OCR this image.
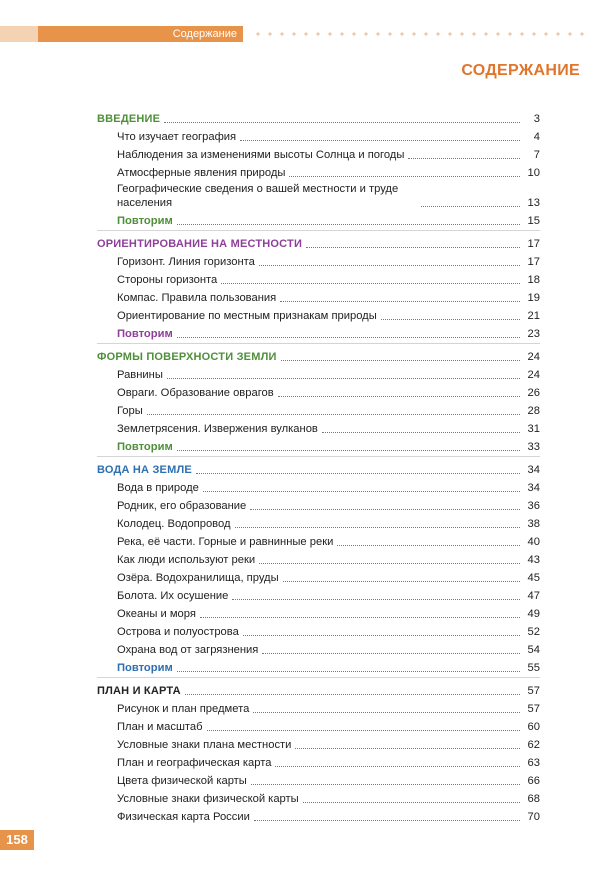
Содержание
СОДЕРЖАНИЕ
ВВЕДЕНИЕ	3
Что изучает география	4
Наблюдения за изменениями высоты Солнца и погоды	7
Атмосферные явления природы	10
Географические сведения о вашей местности и труде населения	13
Повторим	15
ОРИЕНТИРОВАНИЕ НА МЕСТНОСТИ	17
Горизонт. Линия горизонта	17
Стороны горизонта	18
Компас. Правила пользования	19
Ориентирование по местным признакам природы	21
Повторим	23
ФОРМЫ ПОВЕРХНОСТИ ЗЕМЛИ	24
Равнины	24
Овраги. Образование оврагов	26
Горы	28
Землетрясения. Извержения вулканов	31
Повторим	33
ВОДА НА ЗЕМЛЕ	34
Вода в природе	34
Родник, его образование	36
Колодец. Водопровод	38
Река, её части. Горные и равнинные реки	40
Как люди используют реки	43
Озёра. Водохранилища, пруды	45
Болота. Их осушение	47
Океаны и моря	49
Острова и полуострова	52
Охрана вод от загрязнения	54
Повторим	55
ПЛАН И КАРТА	57
Рисунок и план предмета	57
План и масштаб	60
Условные знаки плана местности	62
План и географическая карта	63
Цвета физической карты	66
Условные знаки физической карты	68
Физическая карта России	70
158
